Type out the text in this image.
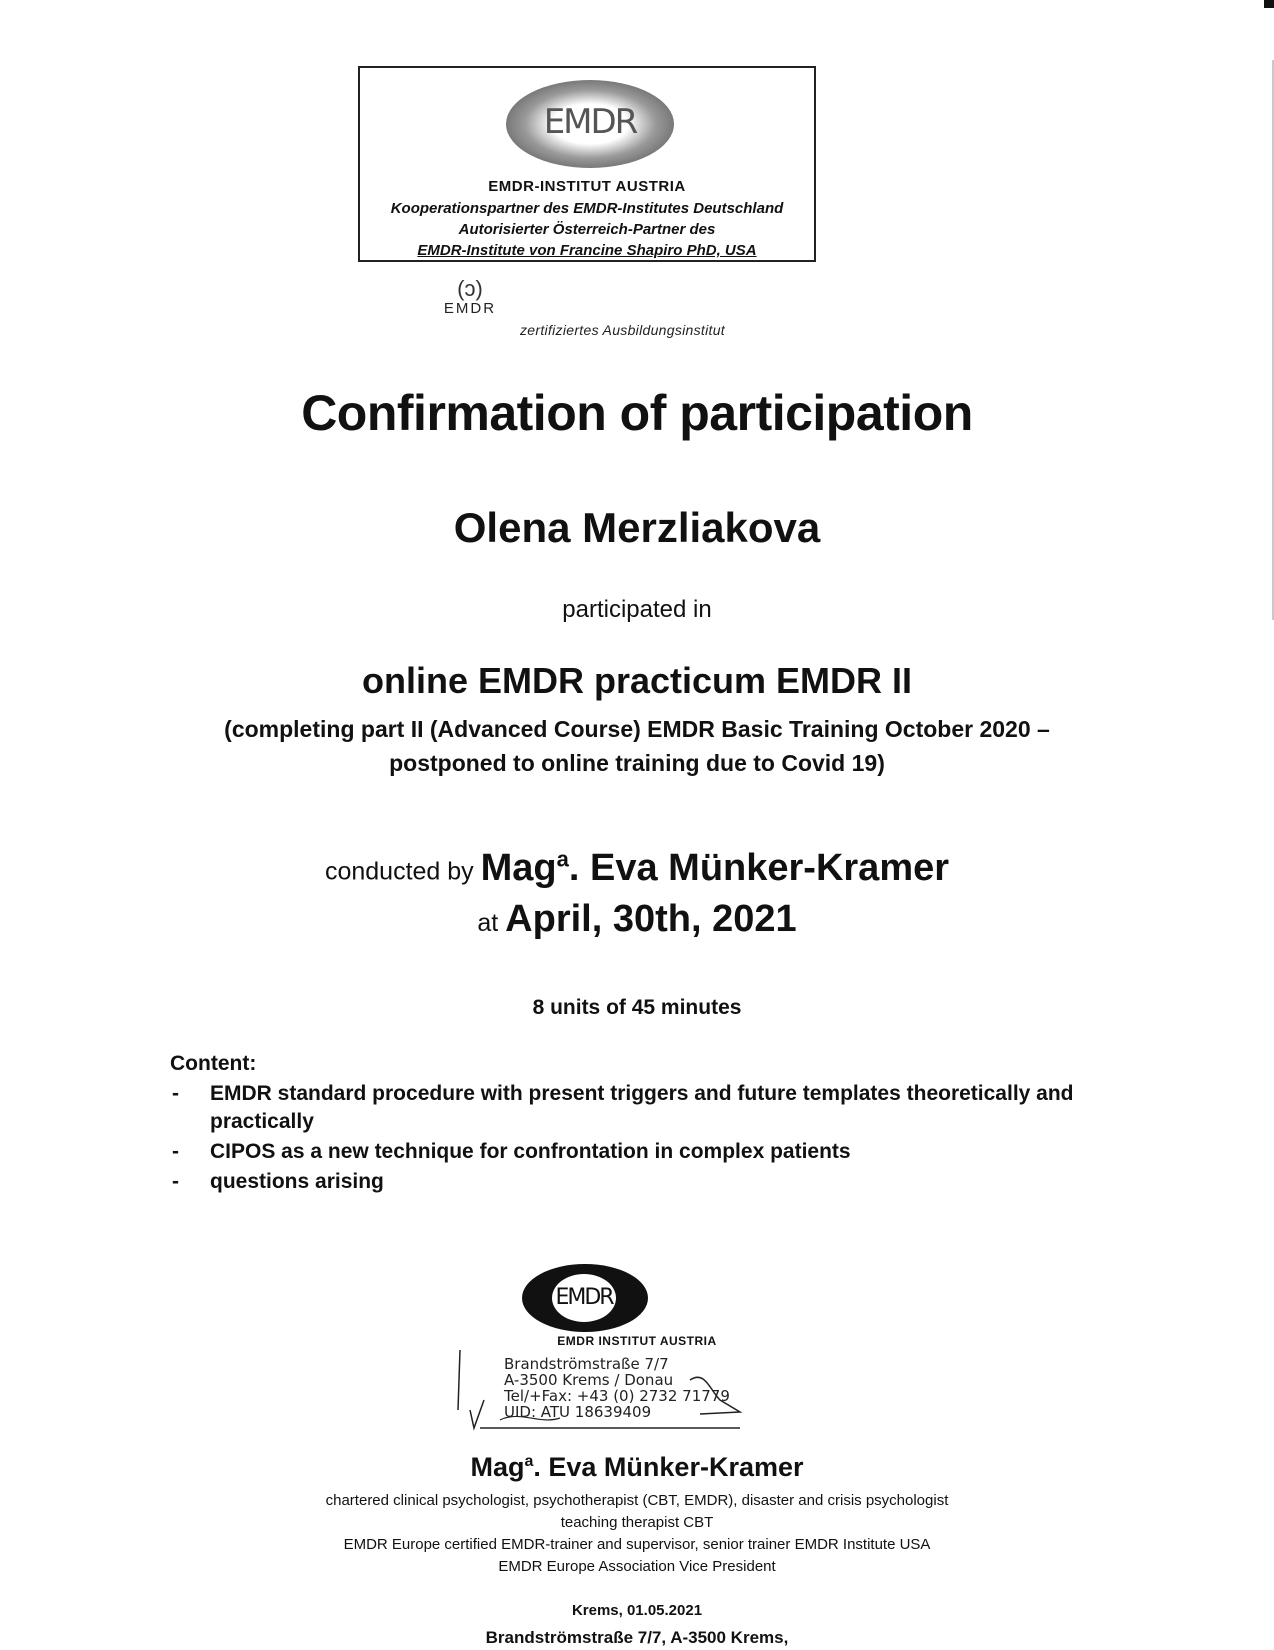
EMDR
EMDR-INSTITUT AUSTRIA
Kooperationspartner des EMDR-Institutes Deutschland
Autorisierter Österreich-Partner des
EMDR-Institute von Francine Shapiro PhD, USA
(ↄ)
EMDR
zertifiziertes Ausbildungsinstitut
Confirmation of participation
Olena Merzliakova
participated in
online EMDR practicum EMDR II
(completing part II (Advanced Course) EMDR Basic Training October 2020 –
postponed to online training due to Covid 19)
conducted by Mag$^a$. Eva Münker-Kramer
at April, 30th, 2021
8 units of 45 minutes
Content:
- EMDR standard procedure with present triggers and future templates theoretically and practically
- CIPOS as a new technique for confrontation in complex patients
- questions arising
EMDR
EMDR INSTITUT AUSTRIA
Brandströmstraße 7/7
A-3500 Krems / Donau
Tel/+Fax: +43 (0) 2732 71779
UID: ATU 18639409
Mag$^a$. Eva Münker-Kramer
chartered clinical psychologist, psychotherapist (CBT, EMDR), disaster and crisis psychologist
teaching therapist CBT
EMDR Europe certified EMDR-trainer and supervisor, senior trainer EMDR Institute USA
EMDR Europe Association Vice President
Krems, 01.05.2021
Brandströmstraße 7/7, A-3500 Krems,
